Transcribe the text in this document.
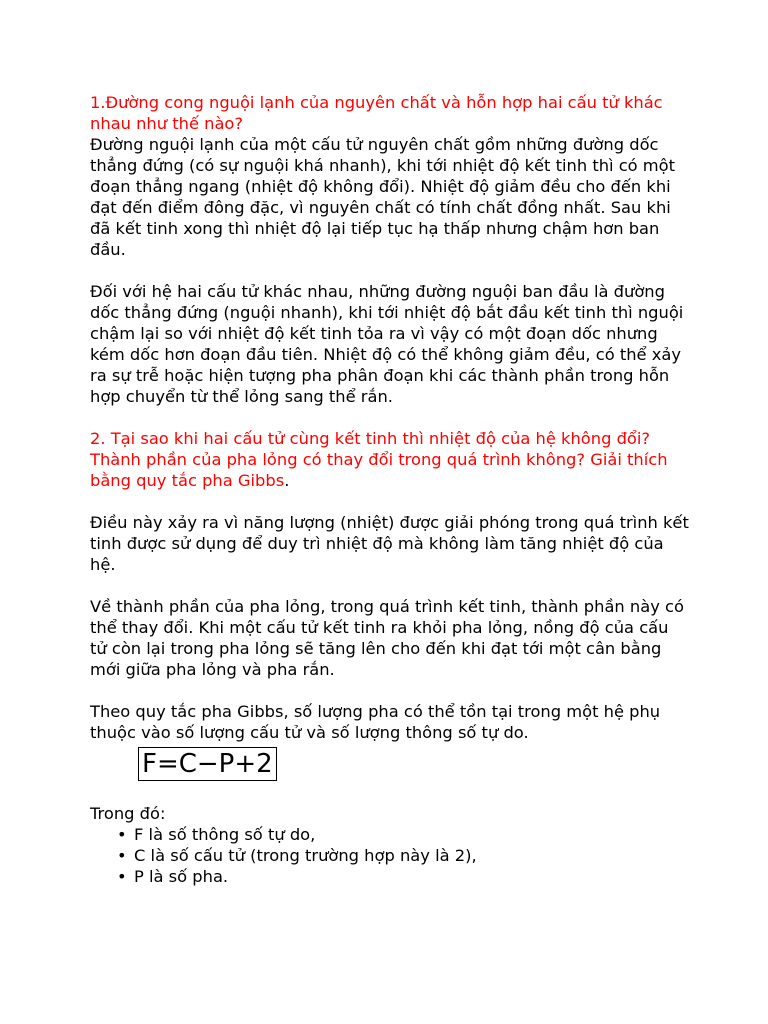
1.Đường cong nguội lạnh của nguyên chất và hỗn hợp hai cấu tử khác nhau như thế nào?

Đường nguội lạnh của một cấu tử nguyên chất gồm những đường dốc thẳng đứng (có sự nguội khá nhanh), khi tới nhiệt độ kết tinh thì có một đoạn thẳng ngang (nhiệt độ không đổi). Nhiệt độ giảm đều cho đến khi đạt đến điểm đông đặc, vì nguyên chất có tính chất đồng nhất. Sau khi đã kết tinh xong thì nhiệt độ lại tiếp tục hạ thấp nhưng chậm hơn ban đầu.

Đối với hệ hai cấu tử khác nhau, những đường nguội ban đầu là đường dốc thẳng đứng (nguội nhanh), khi tới nhiệt độ bắt đầu kết tinh thì nguội chậm lại so với nhiệt độ kết tinh tỏa ra vì vậy có một đoạn dốc nhưng kém dốc hơn đoạn đầu tiên. Nhiệt độ có thể không giảm đều, có thể xảy ra sự trễ hoặc hiện tượng pha phân đoạn khi các thành phần trong hỗn hợp chuyển từ thể lỏng sang thể rắn.

2. Tại sao khi hai cấu tử cùng kết tinh thì nhiệt độ của hệ không đổi? Thành phần của pha lỏng có thay đổi trong quá trình không? Giải thích bằng quy tắc pha Gibbs.

Điều này xảy ra vì năng lượng (nhiệt) được giải phóng trong quá trình kết tinh được sử dụng để duy trì nhiệt độ mà không làm tăng nhiệt độ của hệ.

Về thành phần của pha lỏng, trong quá trình kết tinh, thành phần này có thể thay đổi. Khi một cấu tử kết tinh ra khỏi pha lỏng, nồng độ của cấu tử còn lại trong pha lỏng sẽ tăng lên cho đến khi đạt tới một cân bằng mới giữa pha lỏng và pha rắn.

Theo quy tắc pha Gibbs, số lượng pha có thể tồn tại trong một hệ phụ thuộc vào số lượng cấu tử và số lượng thông số tự do.

F=C−P+2

Trong đó:

• F là số thông số tự do,
• C là số cấu tử (trong trường hợp này là 2),
• P là số pha.
